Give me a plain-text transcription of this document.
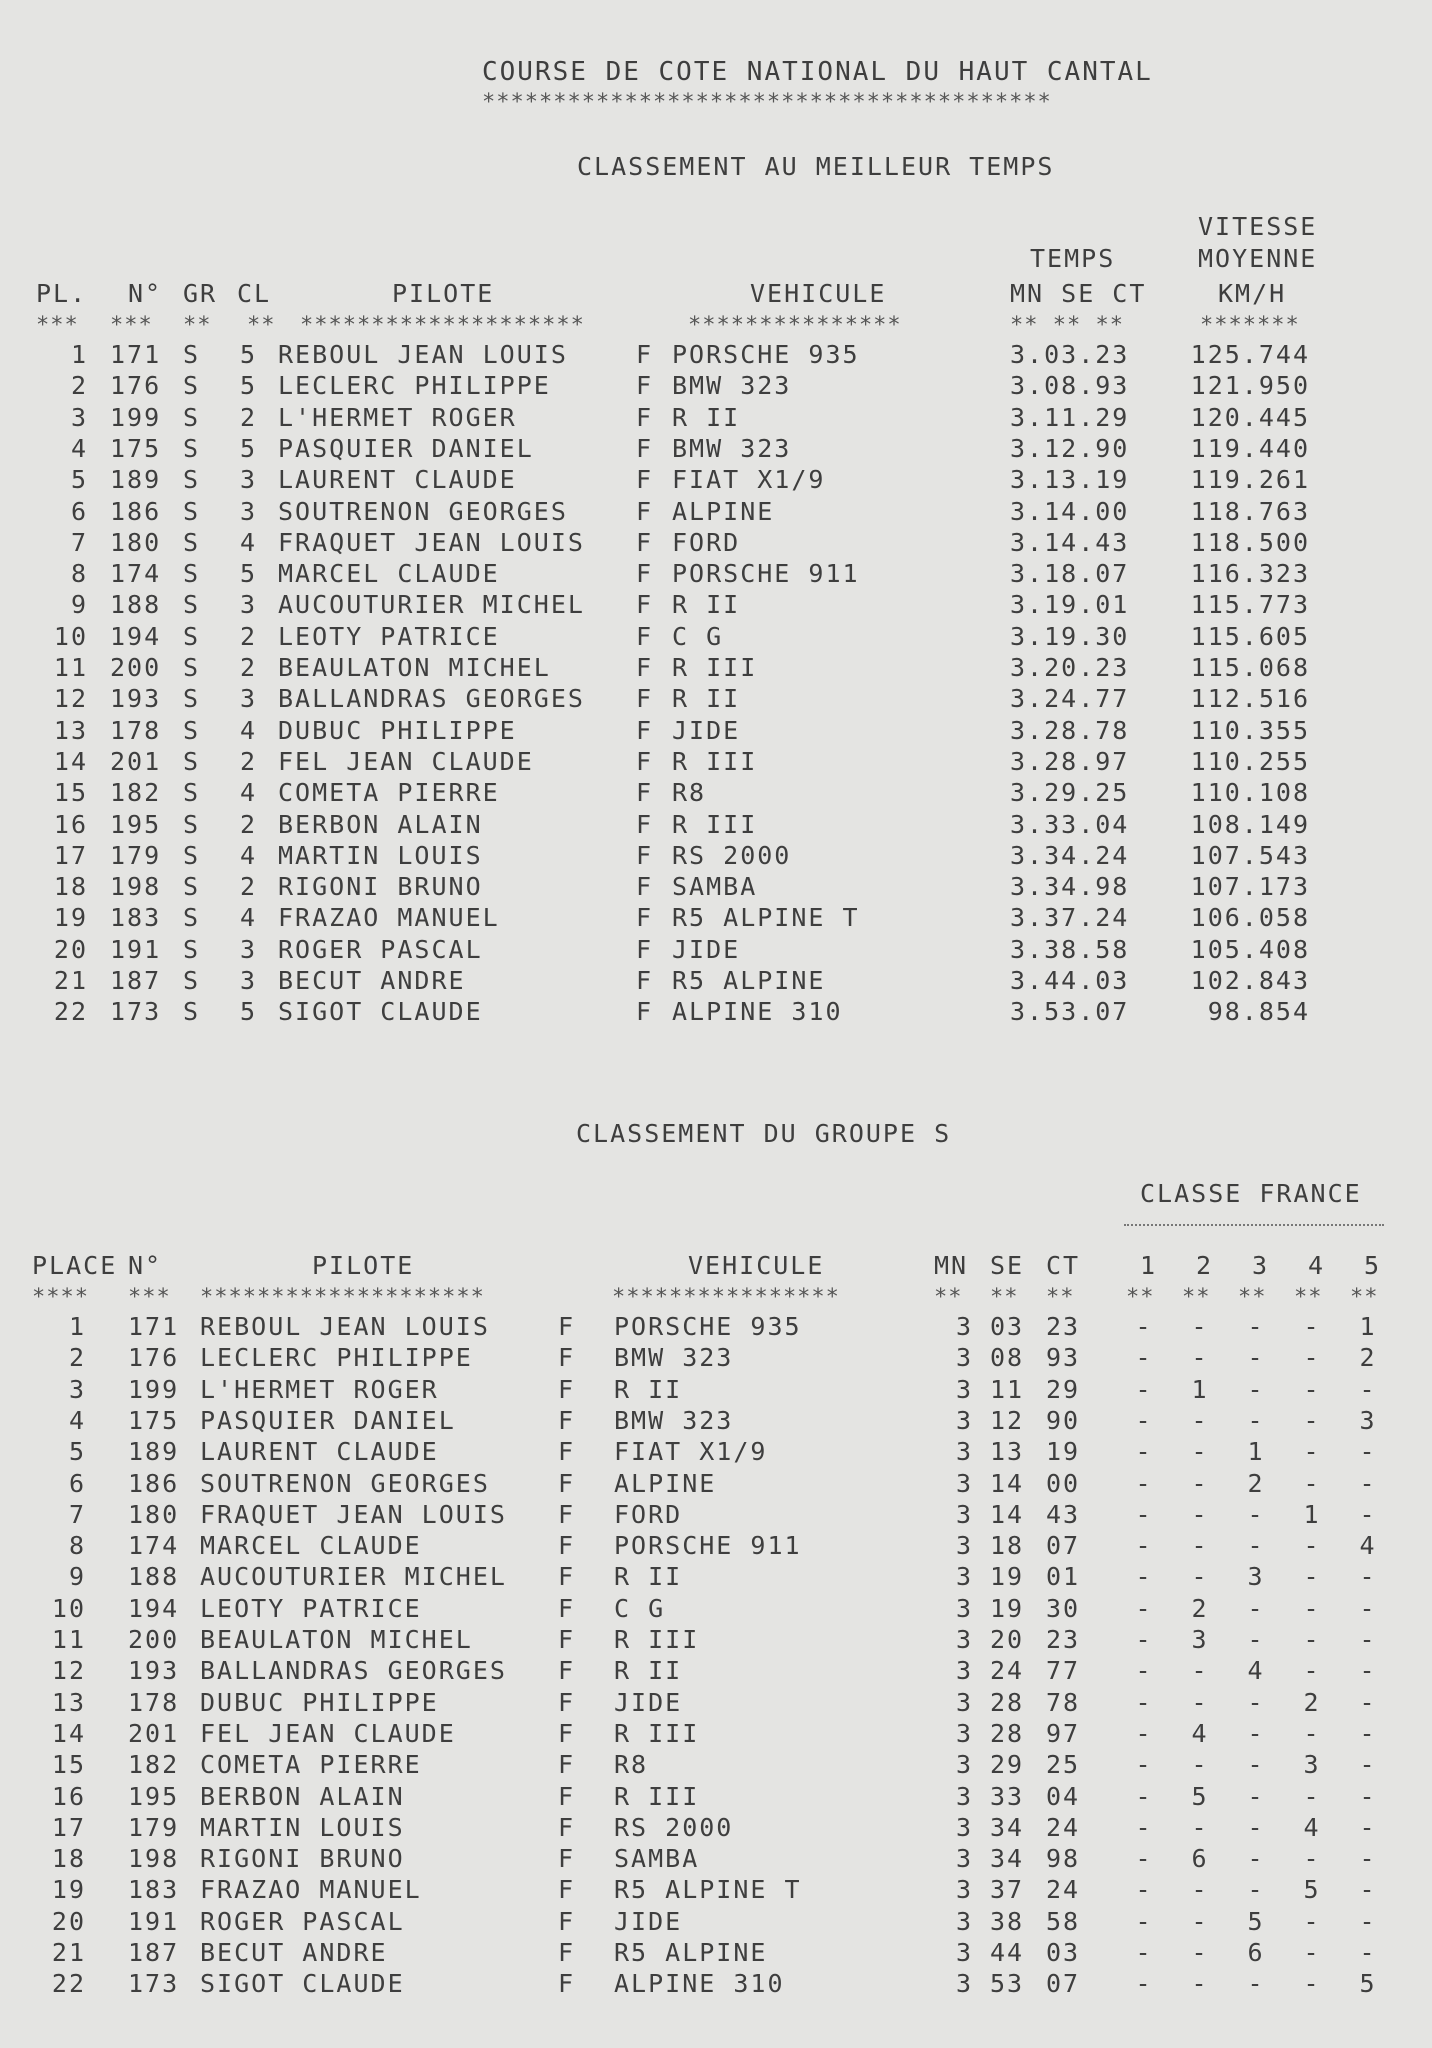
COURSE DE COTE NATIONAL DU HAUT CANTAL
****************************************
CLASSEMENT AU MEILLEUR TEMPS
VITESSE
TEMPS	MOYENNE
PL. N° GR CL	PILOTE	VEHICULE	MN SE CT	KM/H
*** *** ** ** ********************	***************	** ** **	*******
1 171 S 5 REBOUL JEAN LOUIS	F PORSCHE 935	3.03.23	125.744
2 176 S 5 LECLERC PHILIPPE	F BMW 323	3.08.93	121.950
3 199 S 2 L'HERMET ROGER	F R II	3.11.29	120.445
4 175 S 5 PASQUIER DANIEL	F BMW 323	3.12.90	119.440
5 189 S 3 LAURENT CLAUDE	F FIAT X1/9	3.13.19	119.261
6 186 S 3 SOUTRENON GEORGES	F ALPINE	3.14.00	118.763
7 180 S 4 FRAQUET JEAN LOUIS F FORD	3.14.43	118.500
8 174 S 5 MARCEL CLAUDE	F PORSCHE 911	3.18.07	116.323
9 188 S 3 AUCOUTURIER MICHEL F R II	3.19.01	115.773
10 194 S 2 LEOTY PATRICE	F C G	3.19.30	115.605
11 200 S 2 BEAULATON MICHEL	F R III	3.20.23	115.068
12 193 S 3 BALLANDRAS GEORGES F R II	3.24.77	112.516
13 178 S 4 DUBUC PHILIPPE	F JIDE	3.28.78	110.355
14 201 S 2 FEL JEAN CLAUDE	F R III	3.28.97	110.255
15 182 S 4 COMETA PIERRE	F R8	3.29.25	110.108
16 195 S 2 BERBON ALAIN	F R III	3.33.04	108.149
17 179 S 4 MARTIN LOUIS	F RS 2000	3.34.24	107.543
18 198 S 2 RIGONI BRUNO	F SAMBA	3.34.98	107.173
19 183 S 4 FRAZAO MANUEL	F R5 ALPINE T	3.37.24	106.058
20 191 S 3 ROGER PASCAL	F JIDE	3.38.58	105.408
21 187 S 3 BECUT ANDRE	F R5 ALPINE	3.44.03	102.843
22 173 S 5 SIGOT CLAUDE	F ALPINE 310	3.53.07	98.854
CLASSEMENT DU GROUPE S
CLASSE FRANCE
PLACE N°	PILOTE	VEHICULE	MN SE CT 1 2 3 4 5
**** *** ********************	****************	** ** ** ** ** ** ** **
1 171 REBOUL JEAN LOUIS	F PORSCHE 935	3 03 23	-	-	-	-	1
2 176 LECLERC PHILIPPE	F BMW 323	3 08 93	-	-	-	-	2
3 199 L'HERMET ROGER	F R II	3 11 29	-	1	-	-	-
4 175 PASQUIER DANIEL	F BMW 323	3 12 90	-	-	-	-	3
5 189 LAURENT CLAUDE	F FIAT X1/9	3 13 19	-	-	1	-	-
6 186 SOUTRENON GEORGES	F ALPINE	3 14 00	-	-	2	-	-
7 180 FRAQUET JEAN LOUIS F FORD	3 14 43	-	-	-	1	-
8 174 MARCEL CLAUDE	F PORSCHE 911	3 18 07	-	-	-	-	4
9 188 AUCOUTURIER MICHEL F R II	3 19 01	-	-	3	-	-
10 194 LEOTY PATRICE	F C G	3 19 30	-	2	-	-	-
11 200 BEAULATON MICHEL	F R III	3 20 23	-	3	-	-	-
12 193 BALLANDRAS GEORGES F R II	3 24 77	-	-	4	-	-
13 178 DUBUC PHILIPPE	F JIDE	3 28 78	-	-	-	2	-
14 201 FEL JEAN CLAUDE	F R III	3 28 97	-	4	-	-	-
15 182 COMETA PIERRE	F R8	3 29 25	-	-	-	3	-
16 195 BERBON ALAIN	F R III	3 33 04	-	5	-	-	-
17 179 MARTIN LOUIS	F RS 2000	3 34 24	-	-	-	4	-
18 198 RIGONI BRUNO	F SAMBA	3 34 98	-	6	-	-	-
19 183 FRAZAO MANUEL	F R5 ALPINE T	3 37 24	-	-	-	5	-
20 191 ROGER PASCAL	F JIDE	3 38 58	-	-	5	-	-
21 187 BECUT ANDRE	F R5 ALPINE	3 44 03	-	-	6	-	-
22 173 SIGOT CLAUDE	F ALPINE 310	3 53 07	-	-	-	-	5
